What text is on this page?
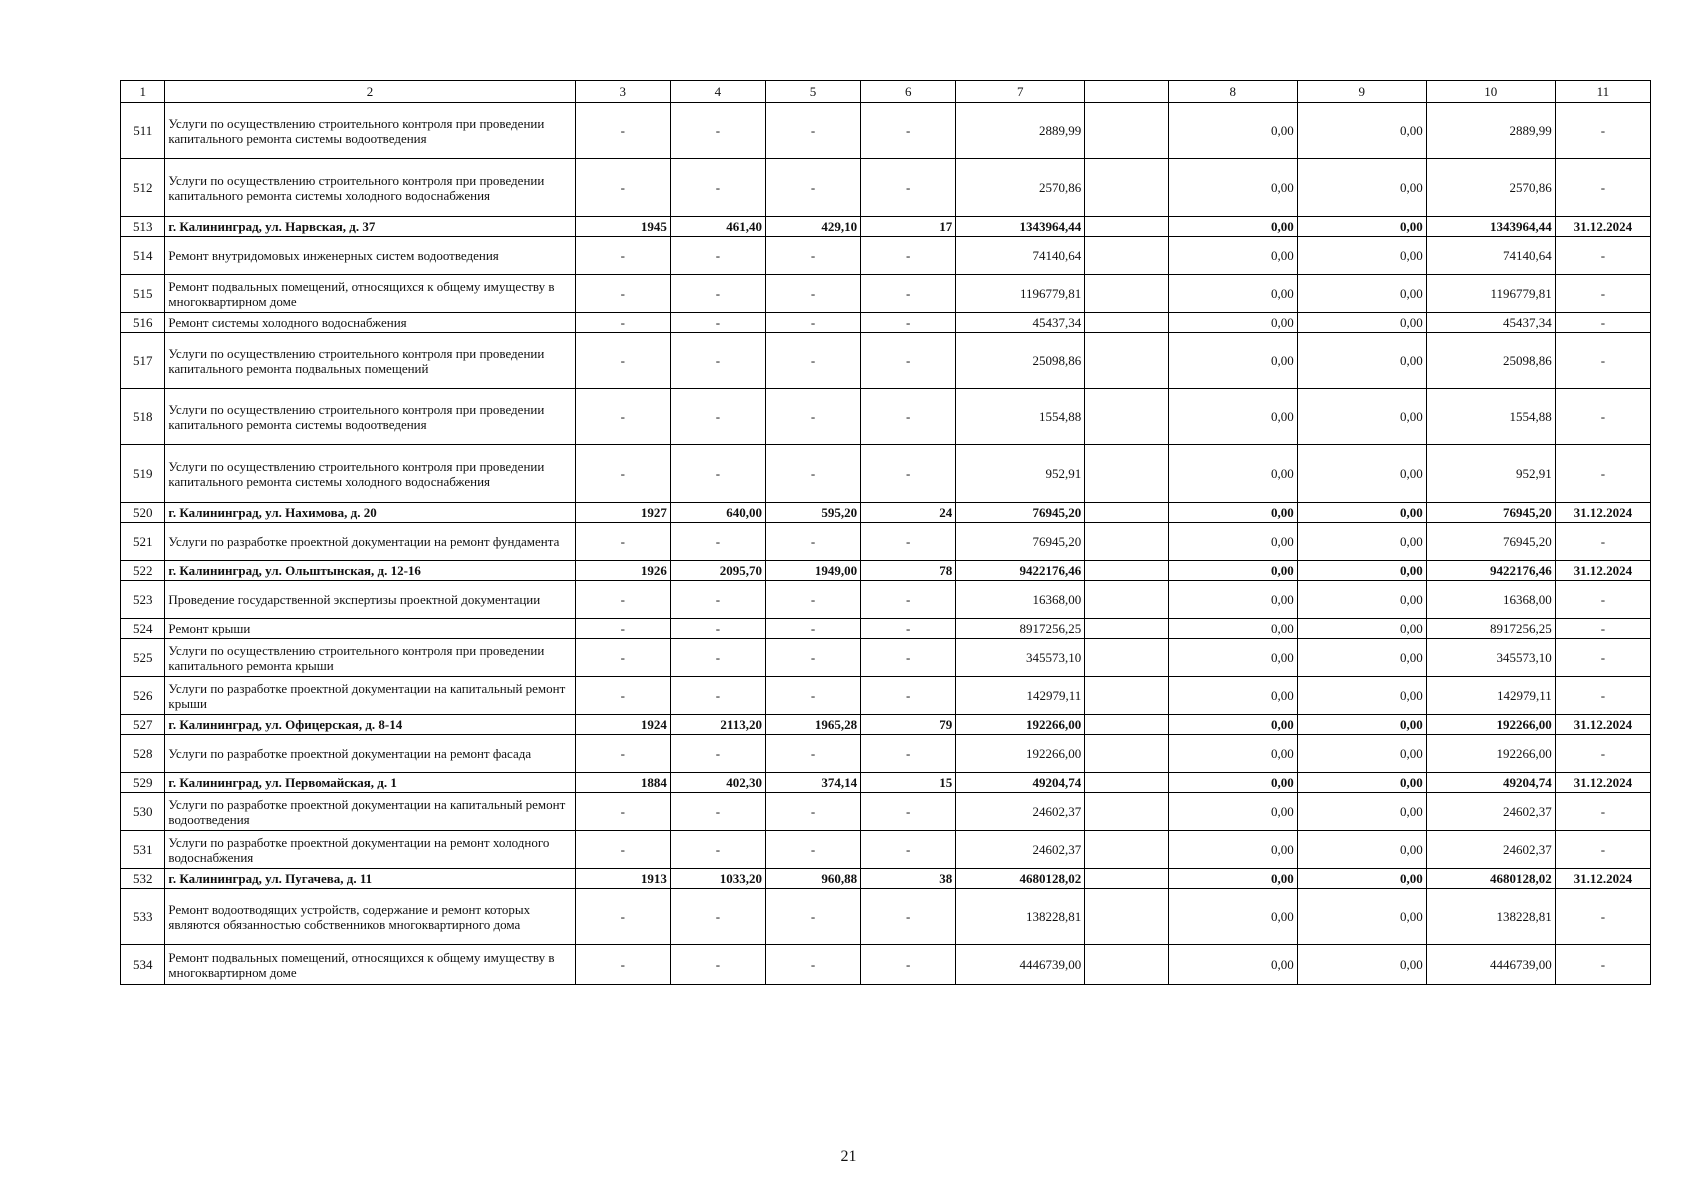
1	2	3	4	5	6	7		8	9	10	11
511	Услуги по осуществлению строительного контроля при проведении капитального ремонта системы водоотведения	-	-	-	-	2889,99		0,00	0,00	2889,99	-
512	Услуги по осуществлению строительного контроля при проведении капитального ремонта системы холодного водоснабжения	-	-	-	-	2570,86		0,00	0,00	2570,86	-
513	г. Калининград, ул. Нарвская, д. 37	1945	461,40	429,10	17	1343964,44		0,00	0,00	1343964,44	31.12.2024
514	Ремонт внутридомовых инженерных систем водоотведения	-	-	-	-	74140,64		0,00	0,00	74140,64	-
515	Ремонт подвальных помещений, относящихся к общему имуществу в многоквартирном доме	-	-	-	-	1196779,81		0,00	0,00	1196779,81	-
516	Ремонт системы холодного водоснабжения	-	-	-	-	45437,34		0,00	0,00	45437,34	-
517	Услуги по осуществлению строительного контроля при проведении капитального ремонта подвальных помещений	-	-	-	-	25098,86		0,00	0,00	25098,86	-
518	Услуги по осуществлению строительного контроля при проведении капитального ремонта системы водоотведения	-	-	-	-	1554,88		0,00	0,00	1554,88	-
519	Услуги по осуществлению строительного контроля при проведении капитального ремонта системы холодного водоснабжения	-	-	-	-	952,91		0,00	0,00	952,91	-
520	г. Калининград, ул. Нахимова, д. 20	1927	640,00	595,20	24	76945,20		0,00	0,00	76945,20	31.12.2024
521	Услуги по разработке проектной документации на ремонт фундамента	-	-	-	-	76945,20		0,00	0,00	76945,20	-
522	г. Калининград, ул. Ольштынская, д. 12-16	1926	2095,70	1949,00	78	9422176,46		0,00	0,00	9422176,46	31.12.2024
523	Проведение государственной экспертизы проектной документации	-	-	-	-	16368,00		0,00	0,00	16368,00	-
524	Ремонт крыши	-	-	-	-	8917256,25		0,00	0,00	8917256,25	-
525	Услуги по осуществлению строительного контроля при проведении капитального ремонта крыши	-	-	-	-	345573,10		0,00	0,00	345573,10	-
526	Услуги по разработке проектной документации на капитальный ремонт крыши	-	-	-	-	142979,11		0,00	0,00	142979,11	-
527	г. Калининград, ул. Офицерская, д. 8-14	1924	2113,20	1965,28	79	192266,00		0,00	0,00	192266,00	31.12.2024
528	Услуги по разработке проектной документации на ремонт фасада	-	-	-	-	192266,00		0,00	0,00	192266,00	-
529	г. Калининград, ул. Первомайская, д. 1	1884	402,30	374,14	15	49204,74		0,00	0,00	49204,74	31.12.2024
530	Услуги по разработке проектной документации на капитальный ремонт водоотведения	-	-	-	-	24602,37		0,00	0,00	24602,37	-
531	Услуги по разработке проектной документации на ремонт холодного водоснабжения	-	-	-	-	24602,37		0,00	0,00	24602,37	-
532	г. Калининград, ул. Пугачева, д. 11	1913	1033,20	960,88	38	4680128,02		0,00	0,00	4680128,02	31.12.2024
533	Ремонт водоотводящих устройств, содержание и ремонт которых являются обязанностью собственников многоквартирного дома	-	-	-	-	138228,81		0,00	0,00	138228,81	-
534	Ремонт подвальных помещений, относящихся к общему имуществу в многоквартирном доме	-	-	-	-	4446739,00		0,00	0,00	4446739,00	-
21
